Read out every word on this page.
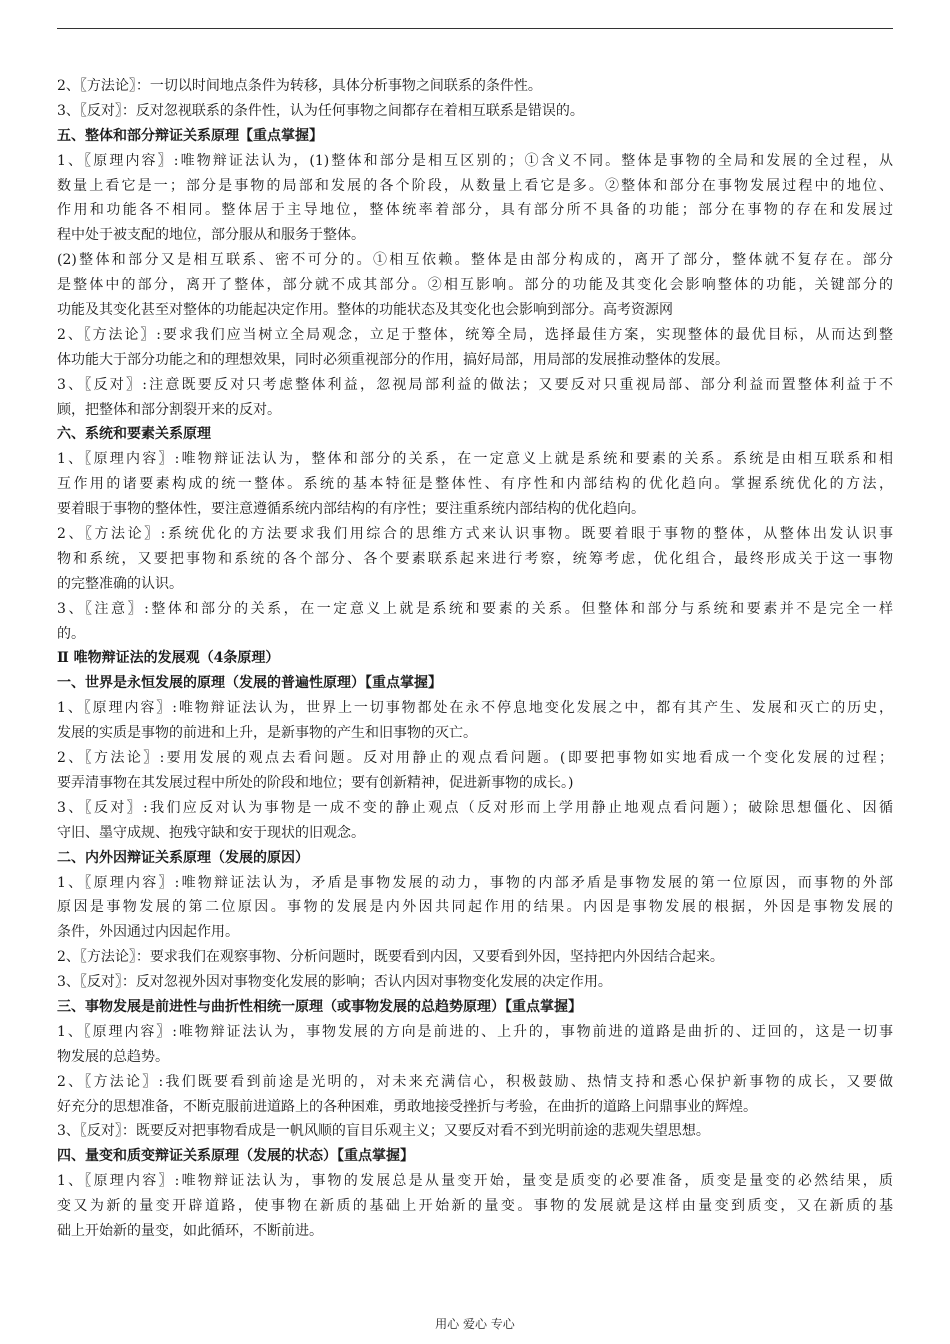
2、〖方法论〗：一切以时间地点条件为转移，具体分析事物之间联系的条件性。
3、〖反对〗：反对忽视联系的条件性，认为任何事物之间都存在着相互联系是错误的。
五、整体和部分辩证关系原理【重点掌握】
1、〖原理内容〗:唯物辩证法认为，(1)整体和部分是相互区别的；①含义不同。整体是事物的全局和发展的全过程，从
数量上看它是一；部分是事物的局部和发展的各个阶段，从数量上看它是多。②整体和部分在事物发展过程中的地位、
作用和功能各不相同。整体居于主导地位，整体统率着部分，具有部分所不具备的功能；部分在事物的存在和发展过
程中处于被支配的地位，部分服从和服务于整体。
(2)整体和部分又是相互联系、密不可分的。①相互依赖。整体是由部分构成的，离开了部分，整体就不复存在。部分
是整体中的部分，离开了整体，部分就不成其部分。②相互影响。部分的功能及其变化会影响整体的功能，关键部分的
功能及其变化甚至对整体的功能起决定作用。整体的功能状态及其变化也会影响到部分。高考资源网
2、〖方法论〗:要求我们应当树立全局观念，立足于整体，统筹全局，选择最佳方案，实现整体的最优目标，从而达到整
体功能大于部分功能之和的理想效果，同时必须重视部分的作用，搞好局部，用局部的发展推动整体的发展。
3、〖反对〗:注意既要反对只考虑整体利益，忽视局部利益的做法；又要反对只重视局部、部分利益而置整体利益于不
顾，把整体和部分割裂开来的反对。
六、系统和要素关系原理
1、〖原理内容〗:唯物辩证法认为，整体和部分的关系，在一定意义上就是系统和要素的关系。系统是由相互联系和相
互作用的诸要素构成的统一整体。系统的基本特征是整体性、有序性和内部结构的优化趋向。掌握系统优化的方法，
要着眼于事物的整体性，要注意遵循系统内部结构的有序性；要注重系统内部结构的优化趋向。
2、〖方法论〗:系统优化的方法要求我们用综合的思维方式来认识事物。既要着眼于事物的整体，从整体出发认识事
物和系统，又要把事物和系统的各个部分、各个要素联系起来进行考察，统筹考虑，优化组合，最终形成关于这一事物
的完整准确的认识。
3、〖注意〗:整体和部分的关系，在一定意义上就是系统和要素的关系。但整体和部分与系统和要素并不是完全一样
的。
Ⅱ 唯物辩证法的发展观（4条原理）
一、世界是永恒发展的原理（发展的普遍性原理）【重点掌握】
1、〖原理内容〗:唯物辩证法认为，世界上一切事物都处在永不停息地变化发展之中，都有其产生、发展和灭亡的历史，
发展的实质是事物的前进和上升，是新事物的产生和旧事物的灭亡。
2、〖方法论〗:要用发展的观点去看问题。反对用静止的观点看问题。(即要把事物如实地看成一个变化发展的过程；
要弄清事物在其发展过程中所处的阶段和地位；要有创新精神，促进新事物的成长。)
3、〖反对〗:我们应反对认为事物是一成不变的静止观点（反对形而上学用静止地观点看问题）；破除思想僵化、因循
守旧、墨守成规、抱残守缺和安于现状的旧观念。
二、内外因辩证关系原理（发展的原因）
1、〖原理内容〗:唯物辩证法认为，矛盾是事物发展的动力，事物的内部矛盾是事物发展的第一位原因，而事物的外部
原因是事物发展的第二位原因。事物的发展是内外因共同起作用的结果。内因是事物发展的根据，外因是事物发展的
条件，外因通过内因起作用。
2、〖方法论〗：要求我们在观察事物、分析问题时，既要看到内因，又要看到外因，坚持把内外因结合起来。
3、〖反对〗：反对忽视外因对事物变化发展的影响；否认内因对事物变化发展的决定作用。
三、事物发展是前进性与曲折性相统一原理（或事物发展的总趋势原理）【重点掌握】
1、〖原理内容〗:唯物辩证法认为，事物发展的方向是前进的、上升的，事物前进的道路是曲折的、迂回的，这是一切事
物发展的总趋势。
2、〖方法论〗:我们既要看到前途是光明的，对未来充满信心，积极鼓励、热情支持和悉心保护新事物的成长，又要做
好充分的思想准备，不断克服前进道路上的各种困难，勇敢地接受挫折与考验，在曲折的道路上问鼎事业的辉煌。
3、〖反对〗：既要反对把事物看成是一帆风顺的盲目乐观主义；又要反对看不到光明前途的悲观失望思想。
四、量变和质变辩证关系原理（发展的状态）【重点掌握】
1、〖原理内容〗:唯物辩证法认为，事物的发展总是从量变开始，量变是质变的必要准备，质变是量变的必然结果，质
变又为新的量变开辟道路，使事物在新质的基础上开始新的量变。事物的发展就是这样由量变到质变，又在新质的基
础上开始新的量变，如此循环，不断前进。
用心 爱心 专心
